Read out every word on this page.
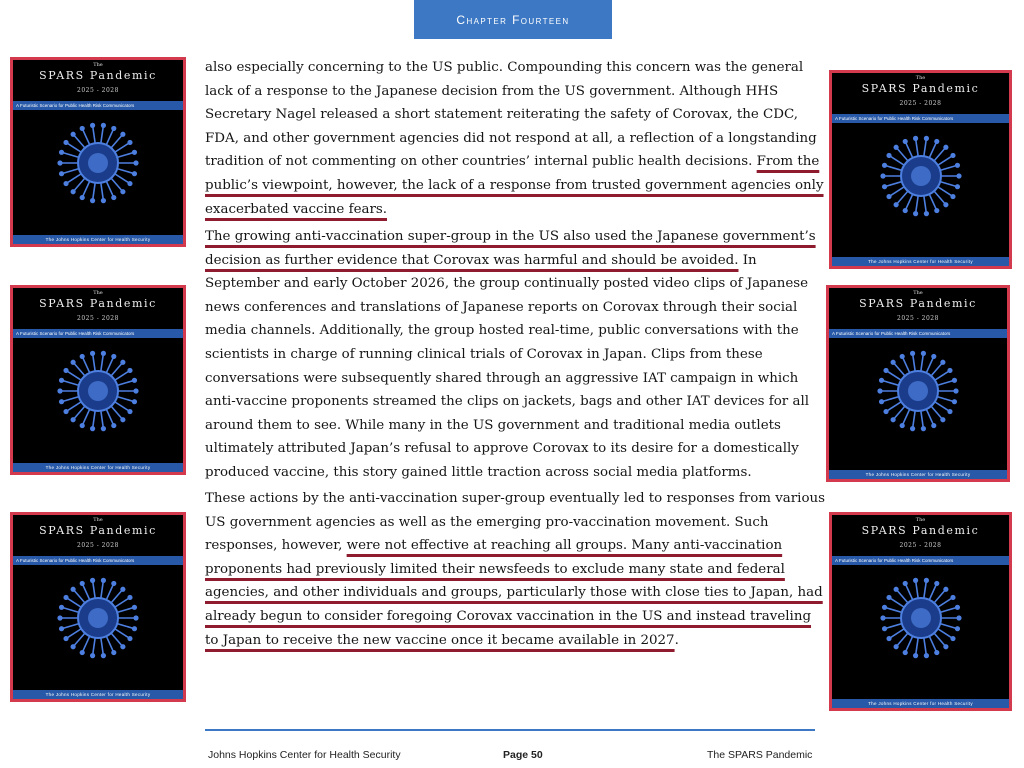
Chapter Fourteen
The
SPARS Pandemic
2025 - 2028
A Futuristic Scenario for Public Health Risk Communicators
The Johns Hopkins Center for Health Security
The
SPARS Pandemic
2025 - 2028
A Futuristic Scenario for Public Health Risk Communicators
The Johns Hopkins Center for Health Security
The
SPARS Pandemic
2025 - 2028
A Futuristic Scenario for Public Health Risk Communicators
The Johns Hopkins Center for Health Security
The
SPARS Pandemic
2025 - 2028
A Futuristic Scenario for Public Health Risk Communicators
The Johns Hopkins Center for Health Security
The
SPARS Pandemic
2025 - 2028
A Futuristic Scenario for Public Health Risk Communicators
The Johns Hopkins Center for Health Security
The
SPARS Pandemic
2025 - 2028
A Futuristic Scenario for Public Health Risk Communicators
The Johns Hopkins Center for Health Security

also especially concerning to the US public. Compounding this concern was the general lack of a response to the Japanese decision from the US government. Although HHS Secretary Nagel released a short statement reiterating the safety of Corovax, the CDC, FDA, and other government agencies did not respond at all, a reflection of a longstanding tradition of not commenting on other countries’ internal public health decisions. From the public’s viewpoint, however, the lack of a response from trusted government agencies only exacerbated vaccine fears.

The growing anti-vaccination super-group in the US also used the Japanese government’s decision as further evidence that Corovax was harmful and should be avoided. In September and early October 2026, the group continually posted video clips of Japanese news conferences and translations of Japanese reports on Corovax through their social media channels. Additionally, the group hosted real-time, public conversations with the scientists in charge of running clinical trials of Corovax in Japan. Clips from these conversations were subsequently shared through an aggressive IAT campaign in which anti-vaccine proponents streamed the clips on jackets, bags and other IAT devices for all around them to see. While many in the US government and traditional media outlets ultimately attributed Japan’s refusal to approve Corovax to its desire for a domestically produced vaccine, this story gained little traction across social media platforms.

These actions by the anti-vaccination super-group eventually led to responses from various US government agencies as well as the emerging pro-vaccination movement. Such responses, however, were not effective at reaching all groups. Many anti-vaccination proponents had previously limited their newsfeeds to exclude many state and federal agencies, and other individuals and groups, particularly those with close ties to Japan, had already begun to consider foregoing Corovax vaccination in the US and instead traveling to Japan to receive the new vaccine once it became available in 2027.

Johns Hopkins Center for Health Security	Page 50	The SPARS Pandemic
